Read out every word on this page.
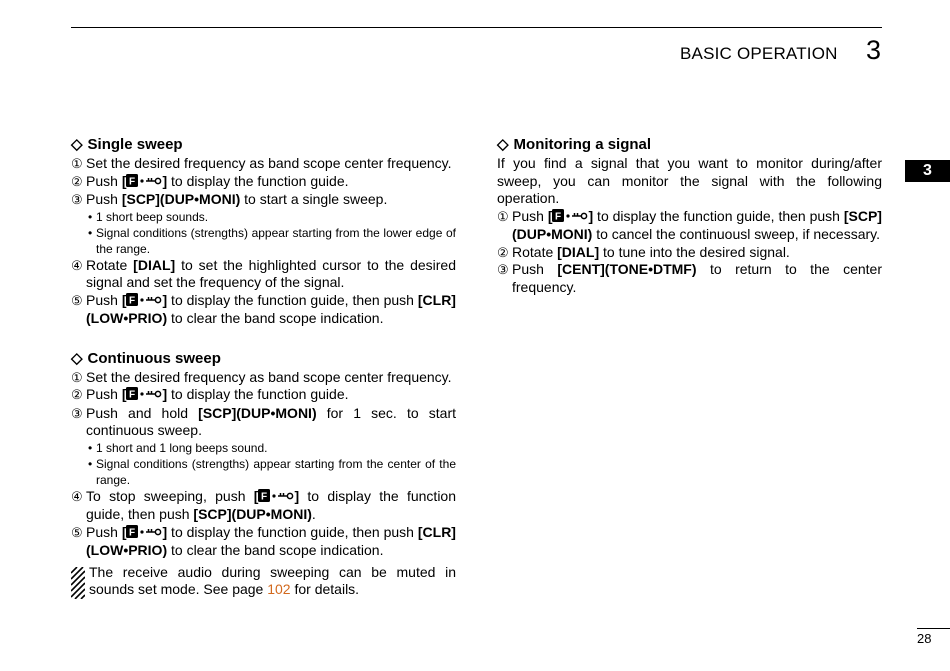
BASIC OPERATION 3
3
◇ Single sweep
① Set the desired frequency as band scope center frequency.
② Push [ F ] to display the function guide.
③ Push [SCP](DUP•MONI) to start a single sweep.
• 1 short beep sounds.
• Signal conditions (strengths) appear starting from the lower edge of the range.
④ Rotate [DIAL] to set the highlighted cursor to the desired signal and set the frequency of the signal.
⑤ Push [ F ] to display the function guide, then push [CLR](LOW•PRIO) to clear the band scope indication.
◇ Continuous sweep
① Set the desired frequency as band scope center frequency.
② Push [ F ] to display the function guide.
③ Push and hold [SCP](DUP•MONI) for 1 sec. to start continuous sweep.
• 1 short and 1 long beeps sound.
• Signal conditions (strengths) appear starting from the center of the range.
④ To stop sweeping, push [ F ] to display the function guide, then push [SCP](DUP•MONI).
⑤ Push [ F ] to display the function guide, then push [CLR](LOW•PRIO) to clear the band scope indication.
The receive audio during sweeping can be muted in sounds set mode. See page 102 for details.
◇ Monitoring a signal
If you find a signal that you want to monitor during/after sweep, you can monitor the signal with the following operation.
① Push [ F ] to display the function guide, then push [SCP](DUP•MONI) to cancel the continuousl sweep, if necessary.
② Rotate [DIAL] to tune into the desired signal.
③ Push [CENT](TONE•DTMF) to return to the center frequency.
28
